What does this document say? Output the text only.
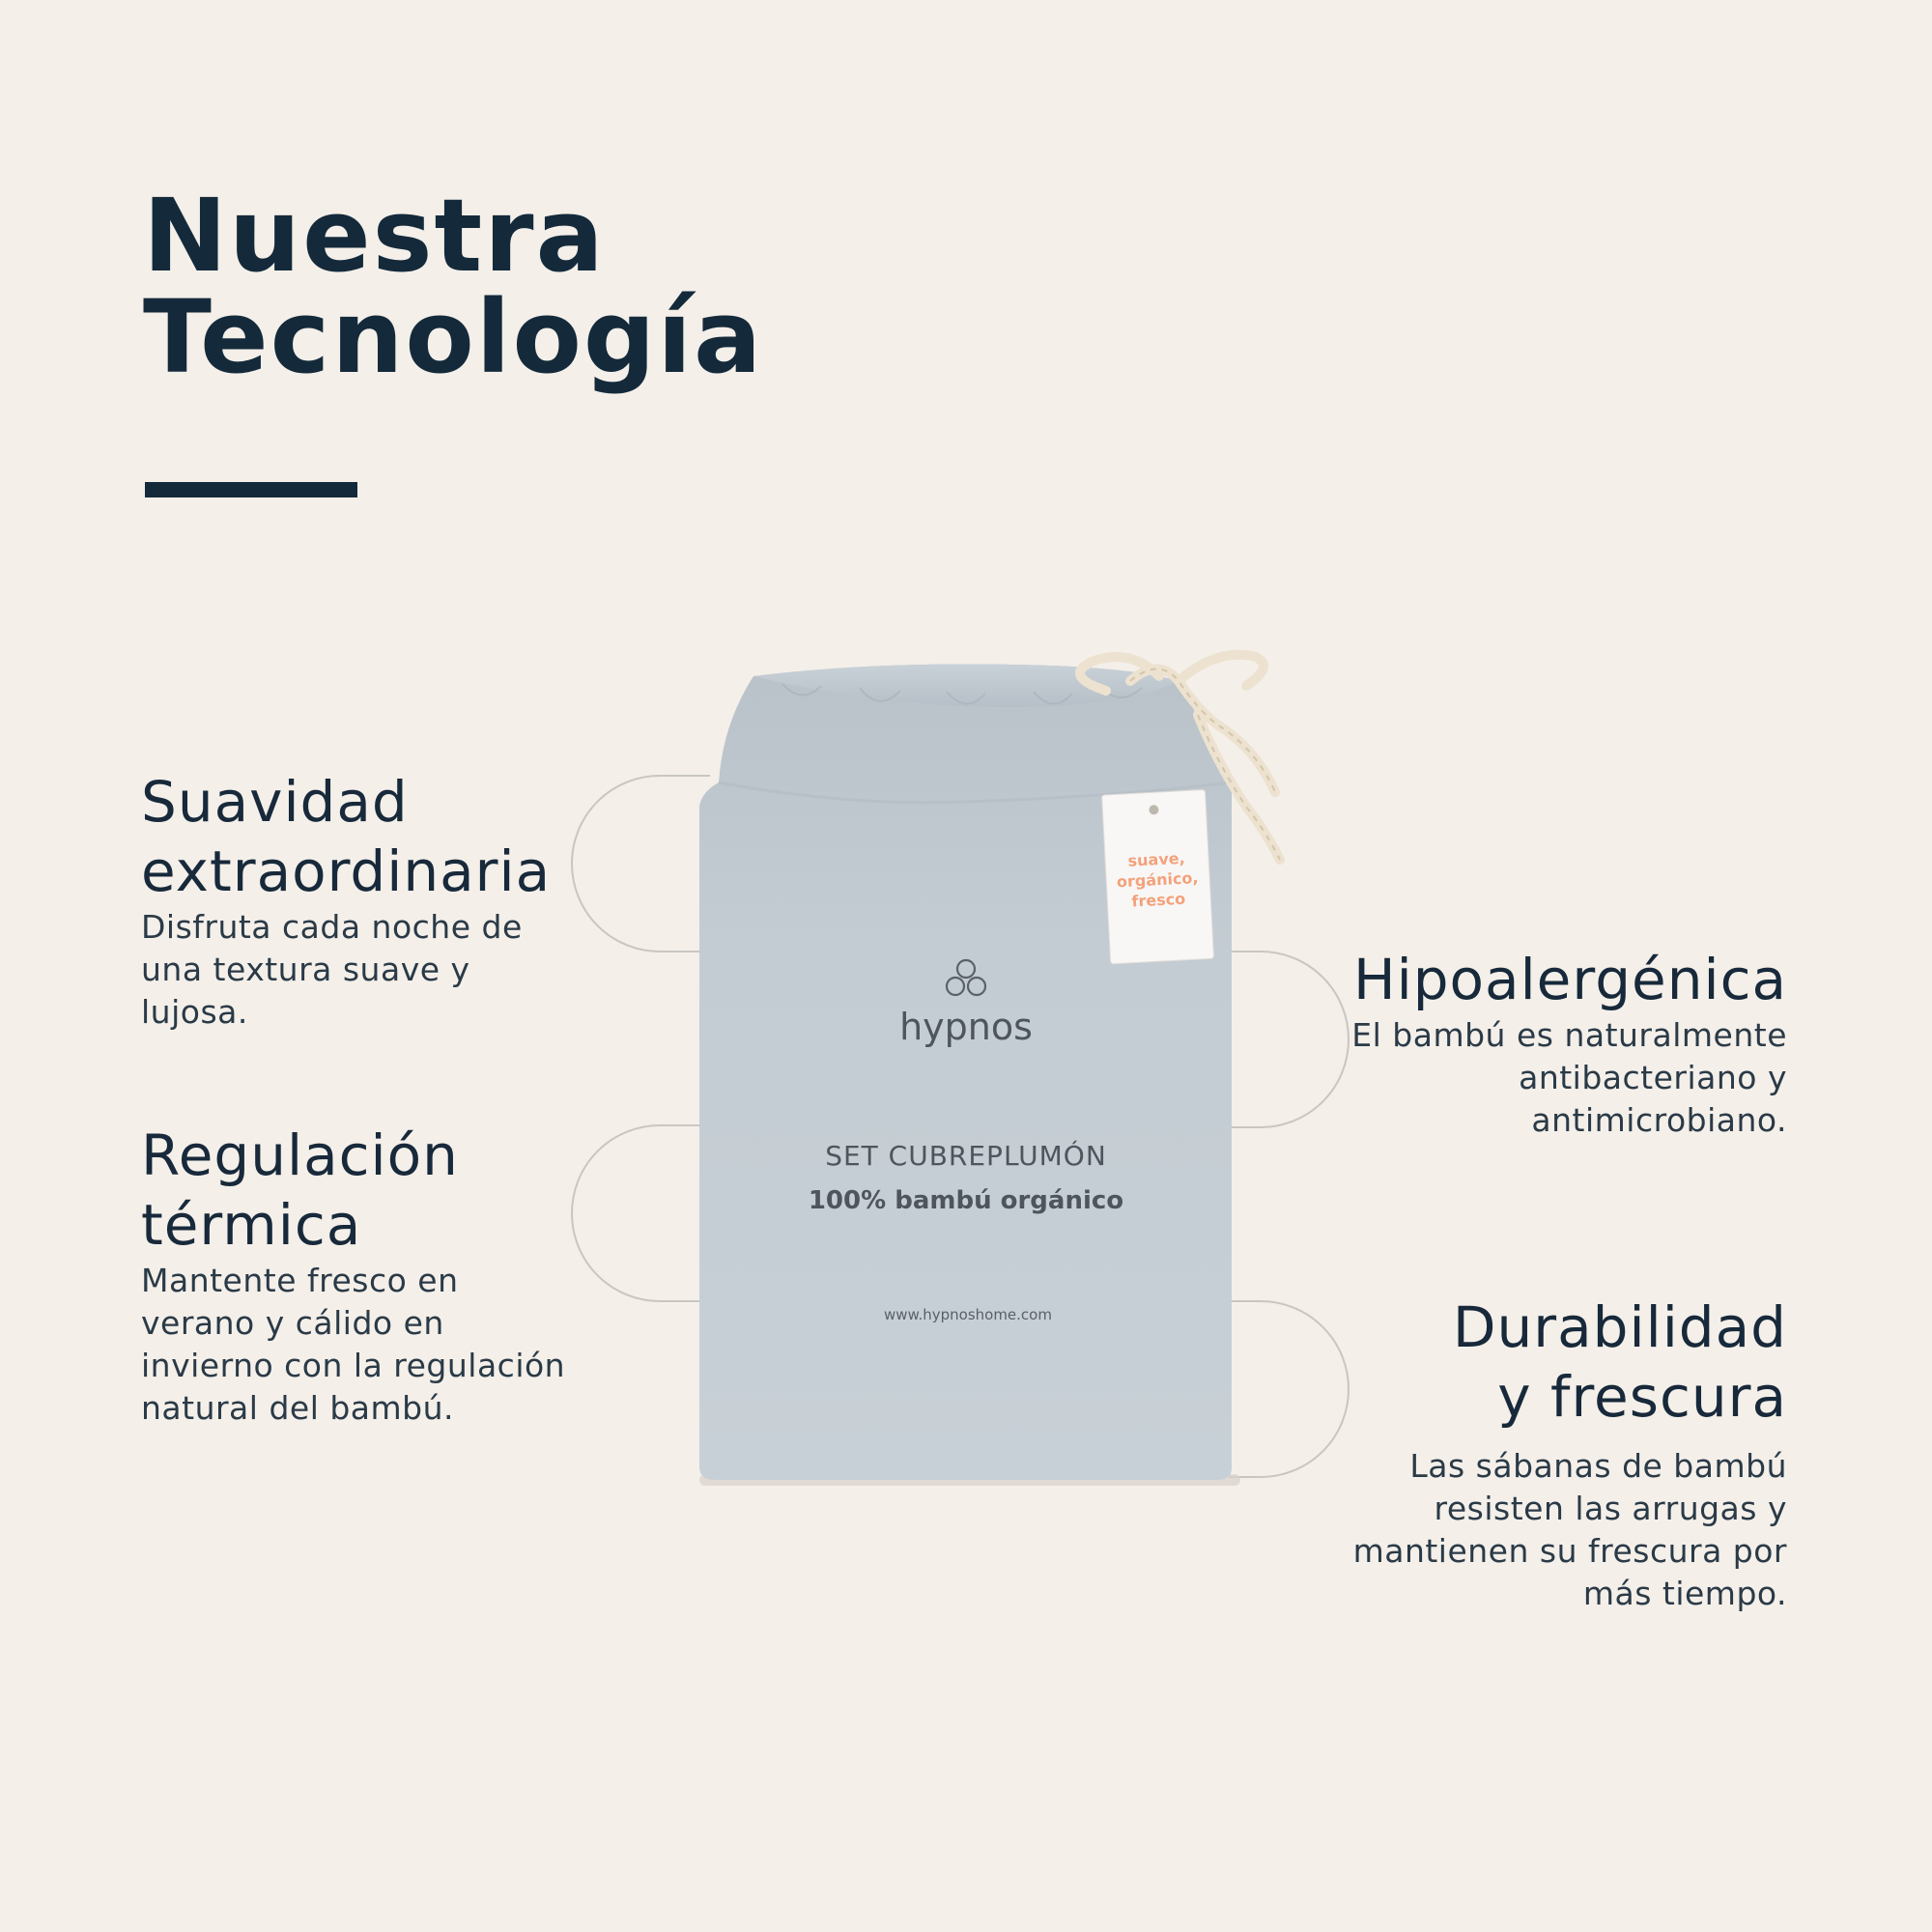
Nuestra
Tecnología
hypnos
SET CUBREPLUMÓN
100% bambú orgánico
www.hypnoshome.com
suave,
orgánico,
fresco
Suavidad
extraordinaria

Disfruta cada noche de
una textura suave y lujosa.

Regulación
térmica

Mantente fresco en
verano y cálido en
invierno con la regulación
natural del bambú.

Hipoalergénica

El bambú es naturalmente
antibacteriano y
antimicrobiano.

Durabilidad
y frescura

Las sábanas de bambú
resisten las arrugas y
mantienen su frescura por
más tiempo.
